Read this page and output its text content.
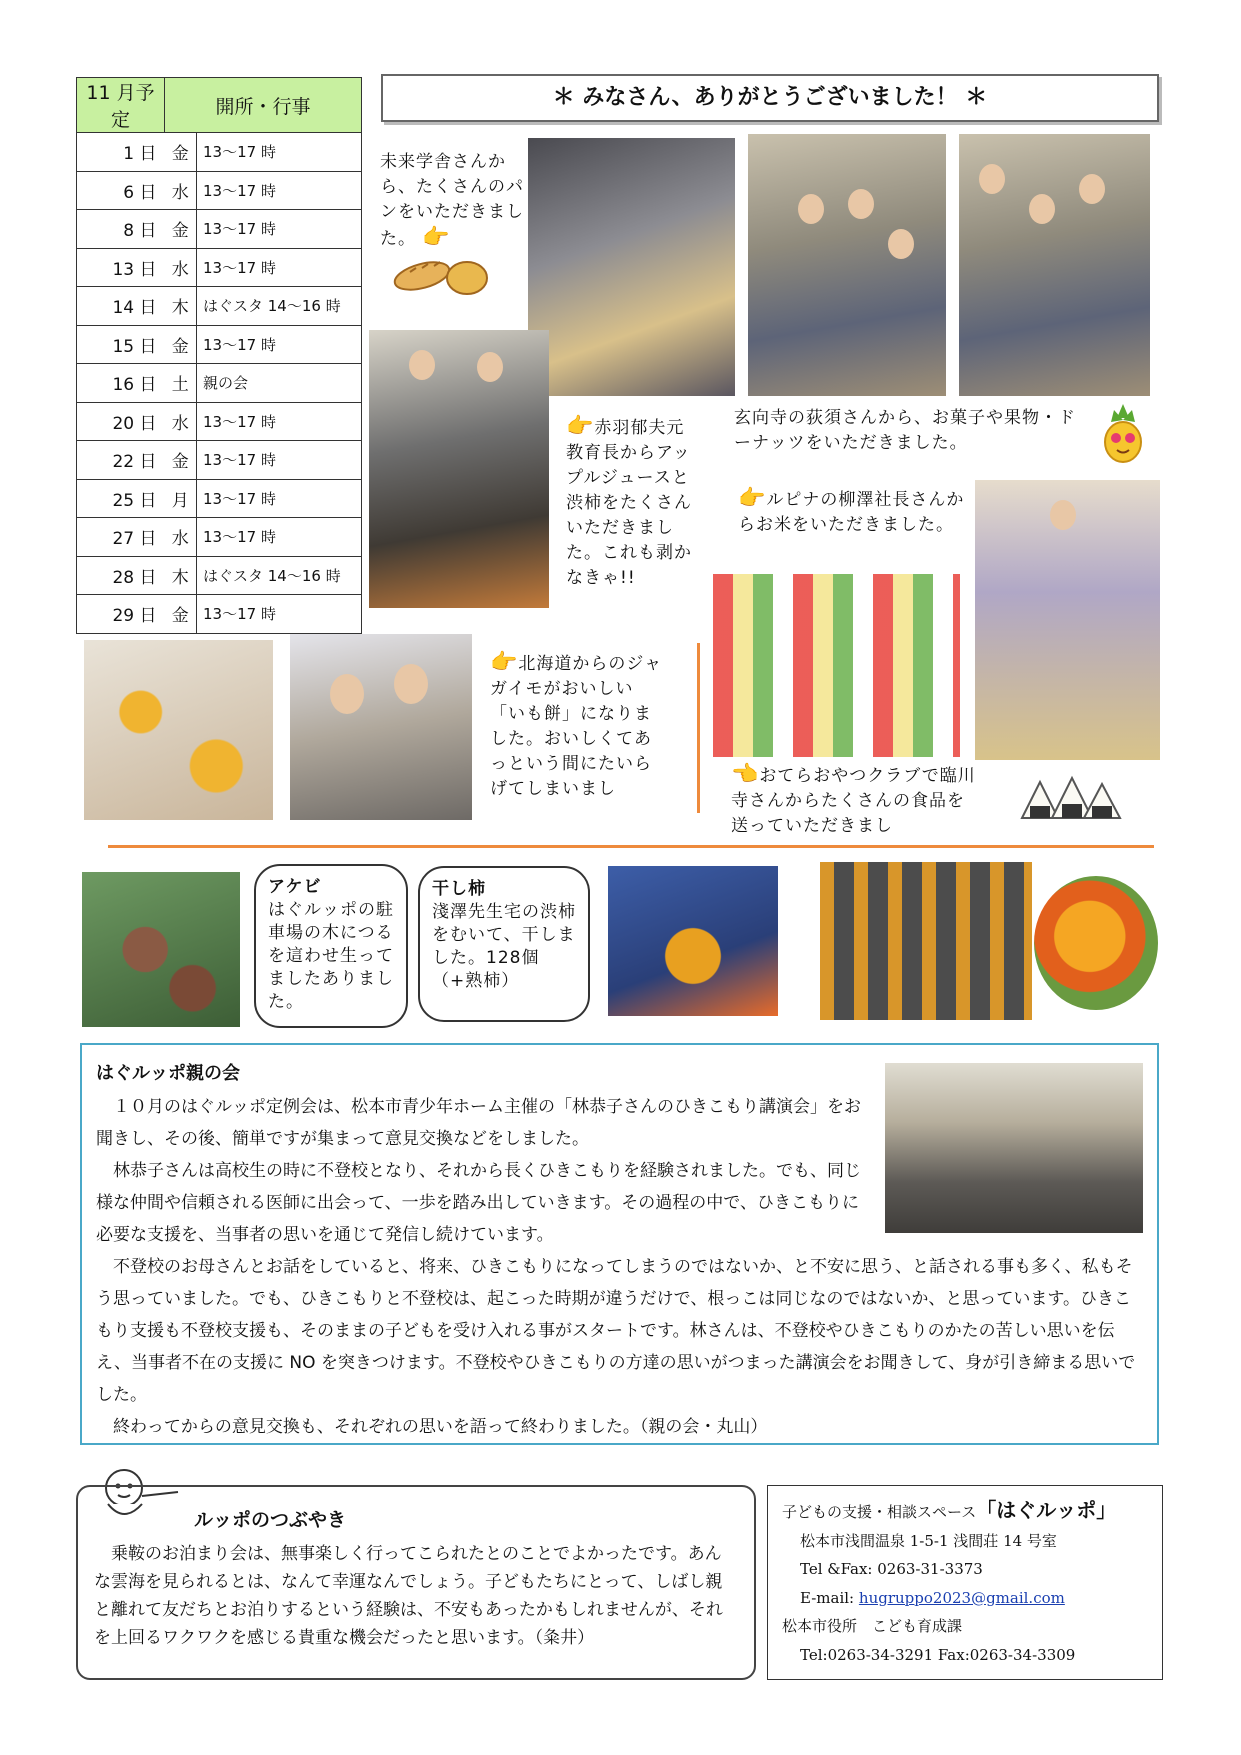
11 月予定	開所・行事	
1 日	金	13～17 時
6 日	水	13～17 時
8 日	金	13～17 時
13 日	水	13～17 時
14 日	木	はぐスタ 14～16 時
15 日	金	13～17 時
16 日	土	親の会
20 日	水	13～17 時
22 日	金	13～17 時
25 日	月	13～17 時
27 日	水	13～17 時
28 日	木	はぐスタ 14～16 時
29 日	金	13～17 時
＊ みなさん、ありがとうございました！ ＊
未来学舎さんから、たくさんのパンをいただきました。 👉
👉赤羽郁夫元教育長からアップルジュースと渋柿をたくさんいただきました。これも剥かなきゃ!!
玄向寺の荻須さんから、お菓子や果物・ドーナッツをいただきました。
👉ルピナの柳澤社長さんからお米をいただきました。
👈おてらおやつクラブで臨川寺さんからたくさんの食品を送っていただきまし
👉北海道からのジャガイモがおいしい「いも餅」になりました。おいしくてあっという間にたいらげてしまいまし
アケビ
はぐルッポの駐車場の木につるを這わせ生ってましたありました。
干し柿
淺澤先生宅の渋柿をむいて、干しました。128個（+熟柿）
はぐルッポ親の会

 １０月のはぐルッポ定例会は、松本市青少年ホーム主催の「林恭子さんのひきこもり講演会」をお聞きし、その後、簡単ですが集まって意見交換などをしました。

 林恭子さんは高校生の時に不登校となり、それから長くひきこもりを経験されました。でも、同じ様な仲間や信頼される医師に出会って、一歩を踏み出していきます。その過程の中で、ひきこもりに必要な支援を、当事者の思いを通じて発信し続けています。

 不登校のお母さんとお話をしていると、将来、ひきこもりになってしまうのではないか、と不安に思う、と話される事も多く、私もそう思っていました。でも、ひきこもりと不登校は、起こった時期が違うだけで、根っこは同じなのではないか、と思っています。ひきこもり支援も不登校支援も、そのままの子どもを受け入れる事がスタートです。林さんは、不登校やひきこもりのかたの苦しい思いを伝え、当事者不在の支援に NO を突きつけます。不登校やひきこもりの方達の思いがつまった講演会をお聞きして、身が引き締まる思いでした。

 終わってからの意見交換も、それぞれの思いを語って終わりました。（親の会・丸山）

ルッポのつぶやき

 乗鞍のお泊まり会は、無事楽しく行ってこられたとのことでよかったです。あんな雲海を見られるとは、なんて幸運なんでしょう。子どもたちにとって、しばし親と離れて友だちとお泊りするという経験は、不安もあったかもしれませんが、それを上回るワクワクを感じる貴重な機会だったと思います。（粂井）

子どもの支援・相談スペース「はぐルッポ」
松本市浅間温泉 1-5-1 浅間荘 14 号室
Tel &Fax: 0263-31-3373
E-mail: hugruppo2023@gmail.com
松本市役所　こども育成課
Tel:0263-34-3291 Fax:0263-34-3309
